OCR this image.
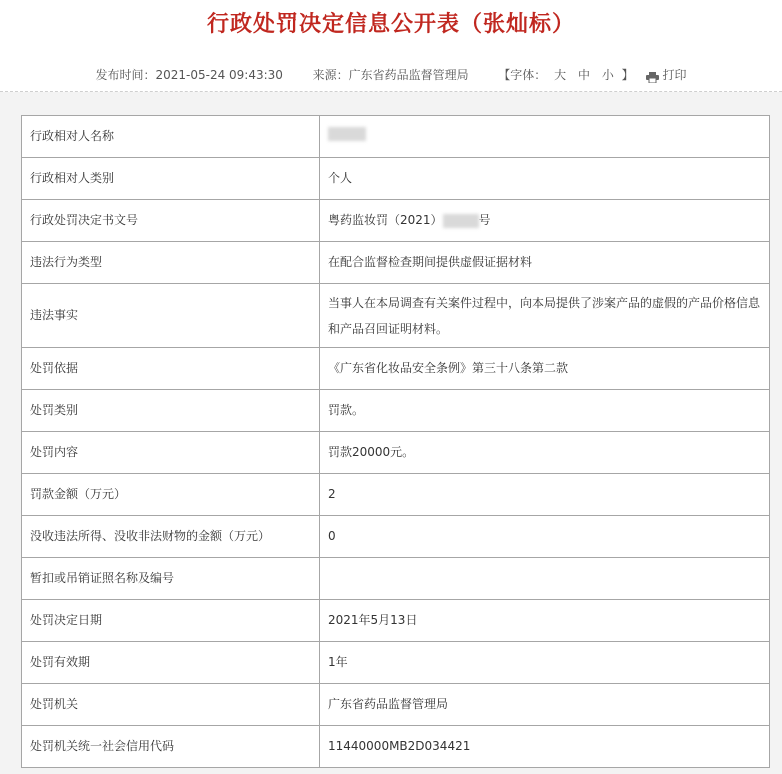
行政处罚决定信息公开表（张灿标）
发布时间：2021-05-24 09:43:30 来源：广东省药品监督管理局 【字体： 大 中 小 】 打印
行政相对人名称	
行政相对人类别	个人
行政处罚决定书文号	粤药监妆罚（2021） 号
违法行为类型	在配合监督检查期间提供虚假证据材料
违法事实	当事人在本局调查有关案件过程中，向本局提供了涉案产品的虚假的产品价格信息和产品召回证明材料。
处罚依据	《广东省化妆品安全条例》第三十八条第二款
处罚类别	罚款。
处罚内容	罚款20000元。
罚款金额（万元）	2
没收违法所得、没收非法财物的金额（万元）	0
暂扣或吊销证照名称及编号	
处罚决定日期	2021年5月13日
处罚有效期	1年
处罚机关	广东省药品监督管理局
处罚机关统一社会信用代码	11440000MB2D034421
